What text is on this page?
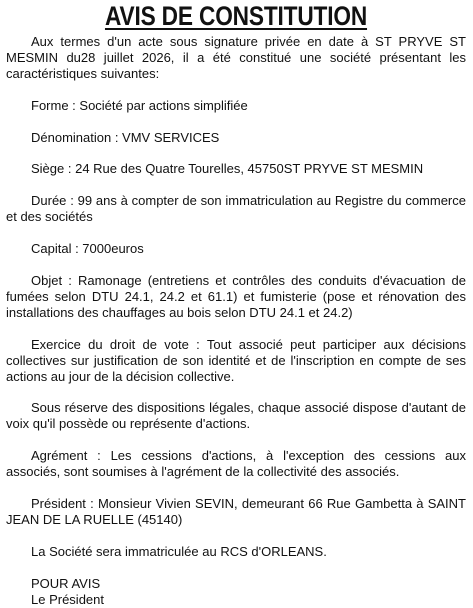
AVIS DE CONSTITUTION

Aux termes d'un acte sous signature privée en date à ST PRYVE ST MESMIN du28 juillet 2026, il a été constitué une société présentant les caractéristiques suivantes:

Forme : Société par actions simplifiée

Dénomination : VMV SERVICES

Siège : 24 Rue des Quatre Tourelles, 45750ST PRYVE ST MESMIN

Durée : 99 ans à compter de son immatriculation au Registre du commerce et des sociétés

Capital : 7000euros

Objet : Ramonage (entretiens et contrôles des conduits d'évacuation de fumées selon DTU 24.1, 24.2 et 61.1) et fumisterie (pose et rénovation des installations des chauffages au bois selon DTU 24.1 et 24.2)

Exercice du droit de vote : Tout associé peut participer aux décisions collectives sur justification de son identité et de l'inscription en compte de ses actions au jour de la décision collective.

Sous réserve des dispositions légales, chaque associé dispose d'autant de voix qu'il possède ou représente d'actions.

Agrément : Les cessions d'actions, à l'exception des cessions aux associés, sont soumises à l'agrément de la collectivité des associés.

Président : Monsieur Vivien SEVIN, demeurant 66 Rue Gambetta à SAINT JEAN DE LA RUELLE (45140)

La Société sera immatriculée au RCS d'ORLEANS.

POUR AVIS
Le Président
